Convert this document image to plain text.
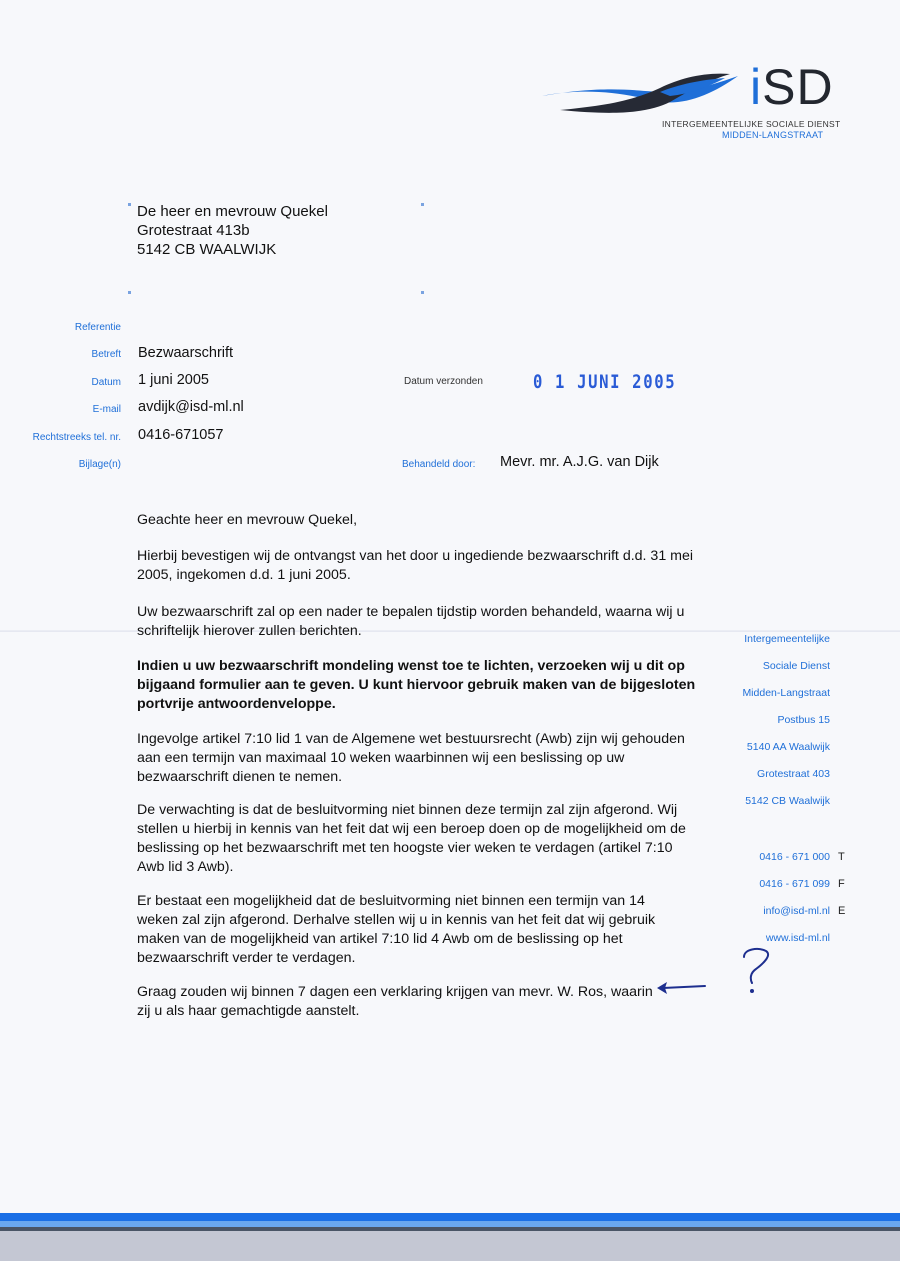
iSD
INTERGEMEENTELIJKE SOCIALE DIENST
MIDDEN-LANGSTRAAT
De heer en mevrouw Quekel
Grotestraat 413b
5142 CB WAALWIJK
Referentie
Betreft Bezwaarschrift
Datum 1 juni 2005
E-mail avdijk@isd-ml.nl
Rechtstreeks tel. nr. 0416-671057
Bijlage(n)
Datum verzonden	0 1 JUNI 2005
Behandeld door: Mevr. mr. A.J.G. van Dijk
Geachte heer en mevrouw Quekel,
Hierbij bevestigen wij de ontvangst van het door u ingediende bezwaarschrift d.d. 31 mei 2005, ingekomen d.d. 1 juni 2005.
Uw bezwaarschrift zal op een nader te bepalen tijdstip worden behandeld, waarna wij u schriftelijk hierover zullen berichten.
Indien u uw bezwaarschrift mondeling wenst toe te lichten, verzoeken wij u dit op bijgaand formulier aan te geven. U kunt hiervoor gebruik maken van de bijgesloten portvrije antwoordenveloppe.
Ingevolge artikel 7:10 lid 1 van de Algemene wet bestuursrecht (Awb) zijn wij gehouden aan een termijn van maximaal 10 weken waarbinnen wij een beslissing op uw bezwaarschrift dienen te nemen.
De verwachting is dat de besluitvorming niet binnen deze termijn zal zijn afgerond. Wij stellen u hierbij in kennis van het feit dat wij een beroep doen op de mogelijkheid om de beslissing op het bezwaarschrift met ten hoogste vier weken te verdagen (artikel 7:10 Awb lid 3 Awb).
Er bestaat een mogelijkheid dat de besluitvorming niet binnen een termijn van 14 weken zal zijn afgerond. Derhalve stellen wij u in kennis van het feit dat wij gebruik maken van de mogelijkheid van artikel 7:10 lid 4 Awb om de beslissing op het bezwaarschrift verder te verdagen.
Graag zouden wij binnen 7 dagen een verklaring krijgen van mevr. W. Ros, waarin zij u als haar gemachtigde aanstelt.
Intergemeentelijke
Sociale Dienst
Midden-Langstraat
Postbus 15
5140 AA Waalwijk
Grotestraat 403
5142 CB Waalwijk
0416 - 671 000 T
0416 - 671 099 F
info@isd-ml.nl E
www.isd-ml.nl
